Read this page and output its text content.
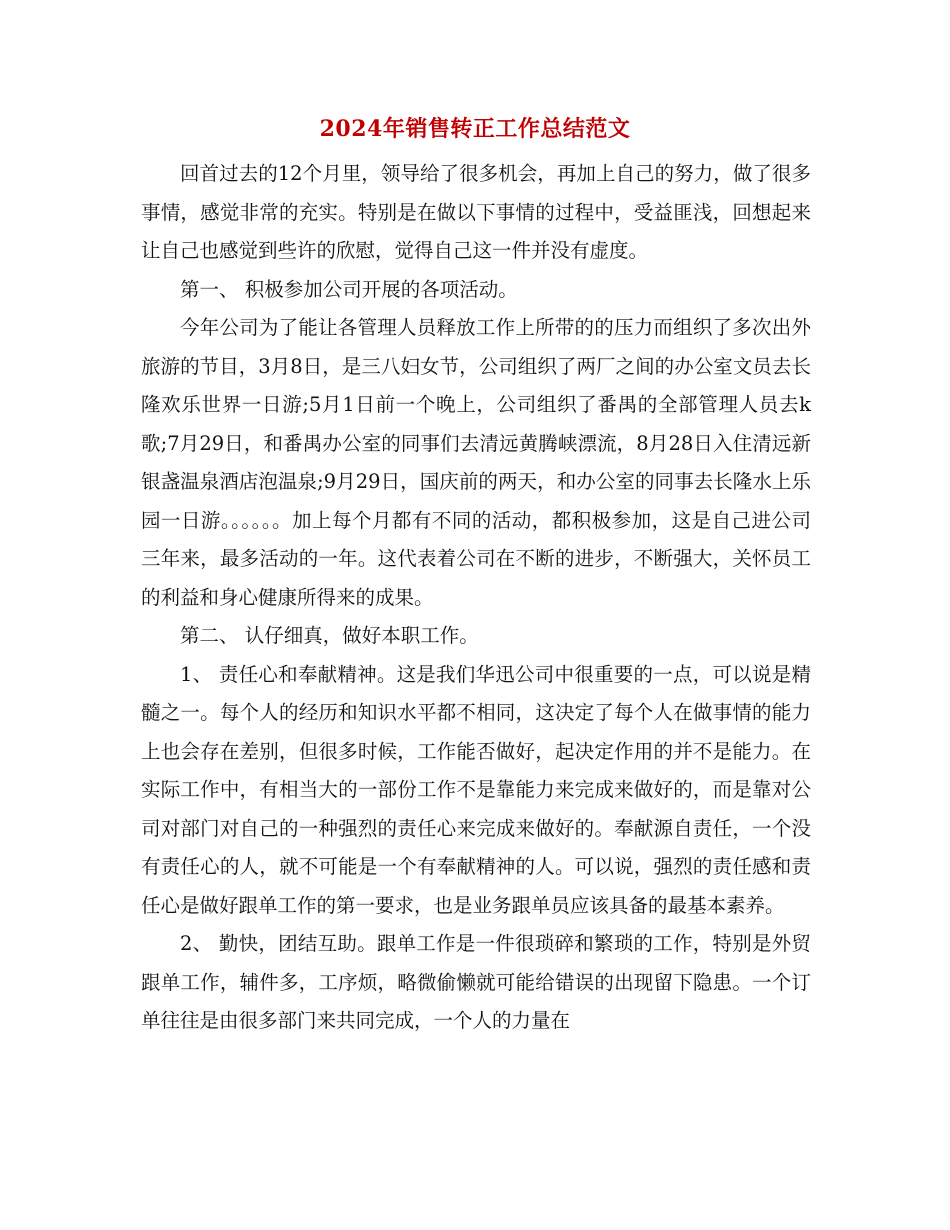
2024年销售转正工作总结范文

回首过去的12个月里，领导给了很多机会，再加上自己的努力，做了很多事情，感觉非常的充实。特别是在做以下事情的过程中，受益匪浅，回想起来让自己也感觉到些许的欣慰，觉得自己这一件并没有虚度。

第一、 积极参加公司开展的各项活动。

今年公司为了能让各管理人员释放工作上所带的的压力而组织了多次出外旅游的节目，3月8日，是三八妇女节，公司组织了两厂之间的办公室文员去长隆欢乐世界一日游;5月1日前一个晚上，公司组织了番禺的全部管理人员去k歌;7月29日，和番禺办公室的同事们去清远黄腾峡漂流，8月28日入住清远新银盏温泉酒店泡温泉;9月29日，国庆前的两天，和办公室的同事去长隆水上乐园一日游。。。。。。加上每个月都有不同的活动，都积极参加，这是自己进公司三年来，最多活动的一年。这代表着公司在不断的进步，不断强大，关怀员工的利益和身心健康所得来的成果。

第二、 认仔细真，做好本职工作。

1、 责任心和奉献精神。这是我们华迅公司中很重要的一点，可以说是精髓之一。每个人的经历和知识水平都不相同，这决定了每个人在做事情的能力上也会存在差别，但很多时候，工作能否做好，起决定作用的并不是能力。在实际工作中，有相当大的一部份工作不是靠能力来完成来做好的，而是靠对公司对部门对自己的一种强烈的责任心来完成来做好的。奉献源自责任，一个没有责任心的人，就不可能是一个有奉献精神的人。可以说，强烈的责任感和责任心是做好跟单工作的第一要求，也是业务跟单员应该具备的最基本素养。

2、 勤快，团结互助。跟单工作是一件很琐碎和繁琐的工作，特别是外贸跟单工作，辅件多，工序烦，略微偷懒就可能给错误的出现留下隐患。一个订单往往是由很多部门来共同完成，一个人的力量在
